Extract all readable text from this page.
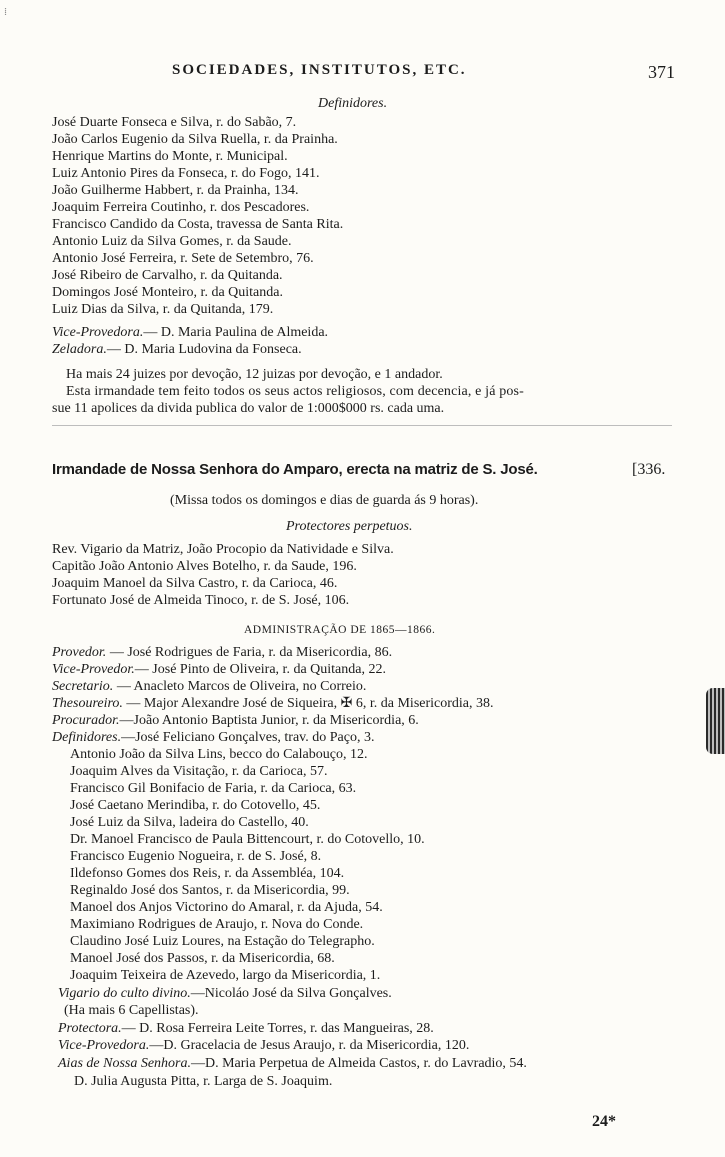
⁞
SOCIEDADES, INSTITUTOS, ETC.	371
Definidores.
José Duarte Fonseca e Silva, r. do Sabão, 7.
João Carlos Eugenio da Silva Ruella, r. da Prainha.
Henrique Martins do Monte, r. Municipal.
Luiz Antonio Pires da Fonseca, r. do Fogo, 141.
João Guilherme Habbert, r. da Prainha, 134.
Joaquim Ferreira Coutinho, r. dos Pescadores.
Francisco Candido da Costa, travessa de Santa Rita.
Antonio Luiz da Silva Gomes, r. da Saude.
Antonio José Ferreira, r. Sete de Setembro, 76.
José Ribeiro de Carvalho, r. da Quitanda.
Domingos José Monteiro, r. da Quitanda.
Luiz Dias da Silva, r. da Quitanda, 179.
Vice-Provedora.— D. Maria Paulina de Almeida.
Zeladora.— D. Maria Ludovina da Fonseca.
Ha mais 24 juizes por devoção, 12 juizas por devoção, e 1 andador.
Esta irmandade tem feito todos os seus actos religiosos, com decencia, e já pos-
sue 11 apolices da divida publica do valor de 1:000$000 rs. cada uma.
Irmandade de Nossa Senhora do Amparo, erecta na matriz de S. José.	[336.
(Missa todos os domingos e dias de guarda ás 9 horas).
Protectores perpetuos.
Rev. Vigario da Matriz, João Procopio da Natividade e Silva.
Capitão João Antonio Alves Botelho, r. da Saude, 196.
Joaquim Manoel da Silva Castro, r. da Carioca, 46.
Fortunato José de Almeida Tinoco, r. de S. José, 106.
ADMINISTRAÇÃO DE 1865—1866.
Provedor. — José Rodrigues de Faria, r. da Misericordia, 86.
Vice-Provedor.— José Pinto de Oliveira, r. da Quitanda, 22.
Secretario. — Anacleto Marcos de Oliveira, no Correio.
Thesoureiro. — Major Alexandre José de Siqueira, ✠ 6, r. da Misericordia, 38.
Procurador.—João Antonio Baptista Junior, r. da Misericordia, 6.
Definidores.—José Feliciano Gonçalves, trav. do Paço, 3.
Antonio João da Silva Lins, becco do Calabouço, 12.
Joaquim Alves da Visitação, r. da Carioca, 57.
Francisco Gil Bonifacio de Faria, r. da Carioca, 63.
José Caetano Merindiba, r. do Cotovello, 45.
José Luiz da Silva, ladeira do Castello, 40.
Dr. Manoel Francisco de Paula Bittencourt, r. do Cotovello, 10.
Francisco Eugenio Nogueira, r. de S. José, 8.
Ildefonso Gomes dos Reis, r. da Assembléa, 104.
Reginaldo José dos Santos, r. da Misericordia, 99.
Manoel dos Anjos Victorino do Amaral, r. da Ajuda, 54.
Maximiano Rodrigues de Araujo, r. Nova do Conde.
Claudino José Luiz Loures, na Estação do Telegrapho.
Manoel José dos Passos, r. da Misericordia, 68.
Joaquim Teixeira de Azevedo, largo da Misericordia, 1.
Vigario do culto divino.—Nicoláo José da Silva Gonçalves.
(Ha mais 6 Capellistas).
Protectora.— D. Rosa Ferreira Leite Torres, r. das Mangueiras, 28.
Vice-Provedora.—D. Gracelacia de Jesus Araujo, r. da Misericordia, 120.
Aias de Nossa Senhora.—D. Maria Perpetua de Almeida Castos, r. do Lavradio, 54.
D. Julia Augusta Pitta, r. Larga de S. Joaquim.
24*
